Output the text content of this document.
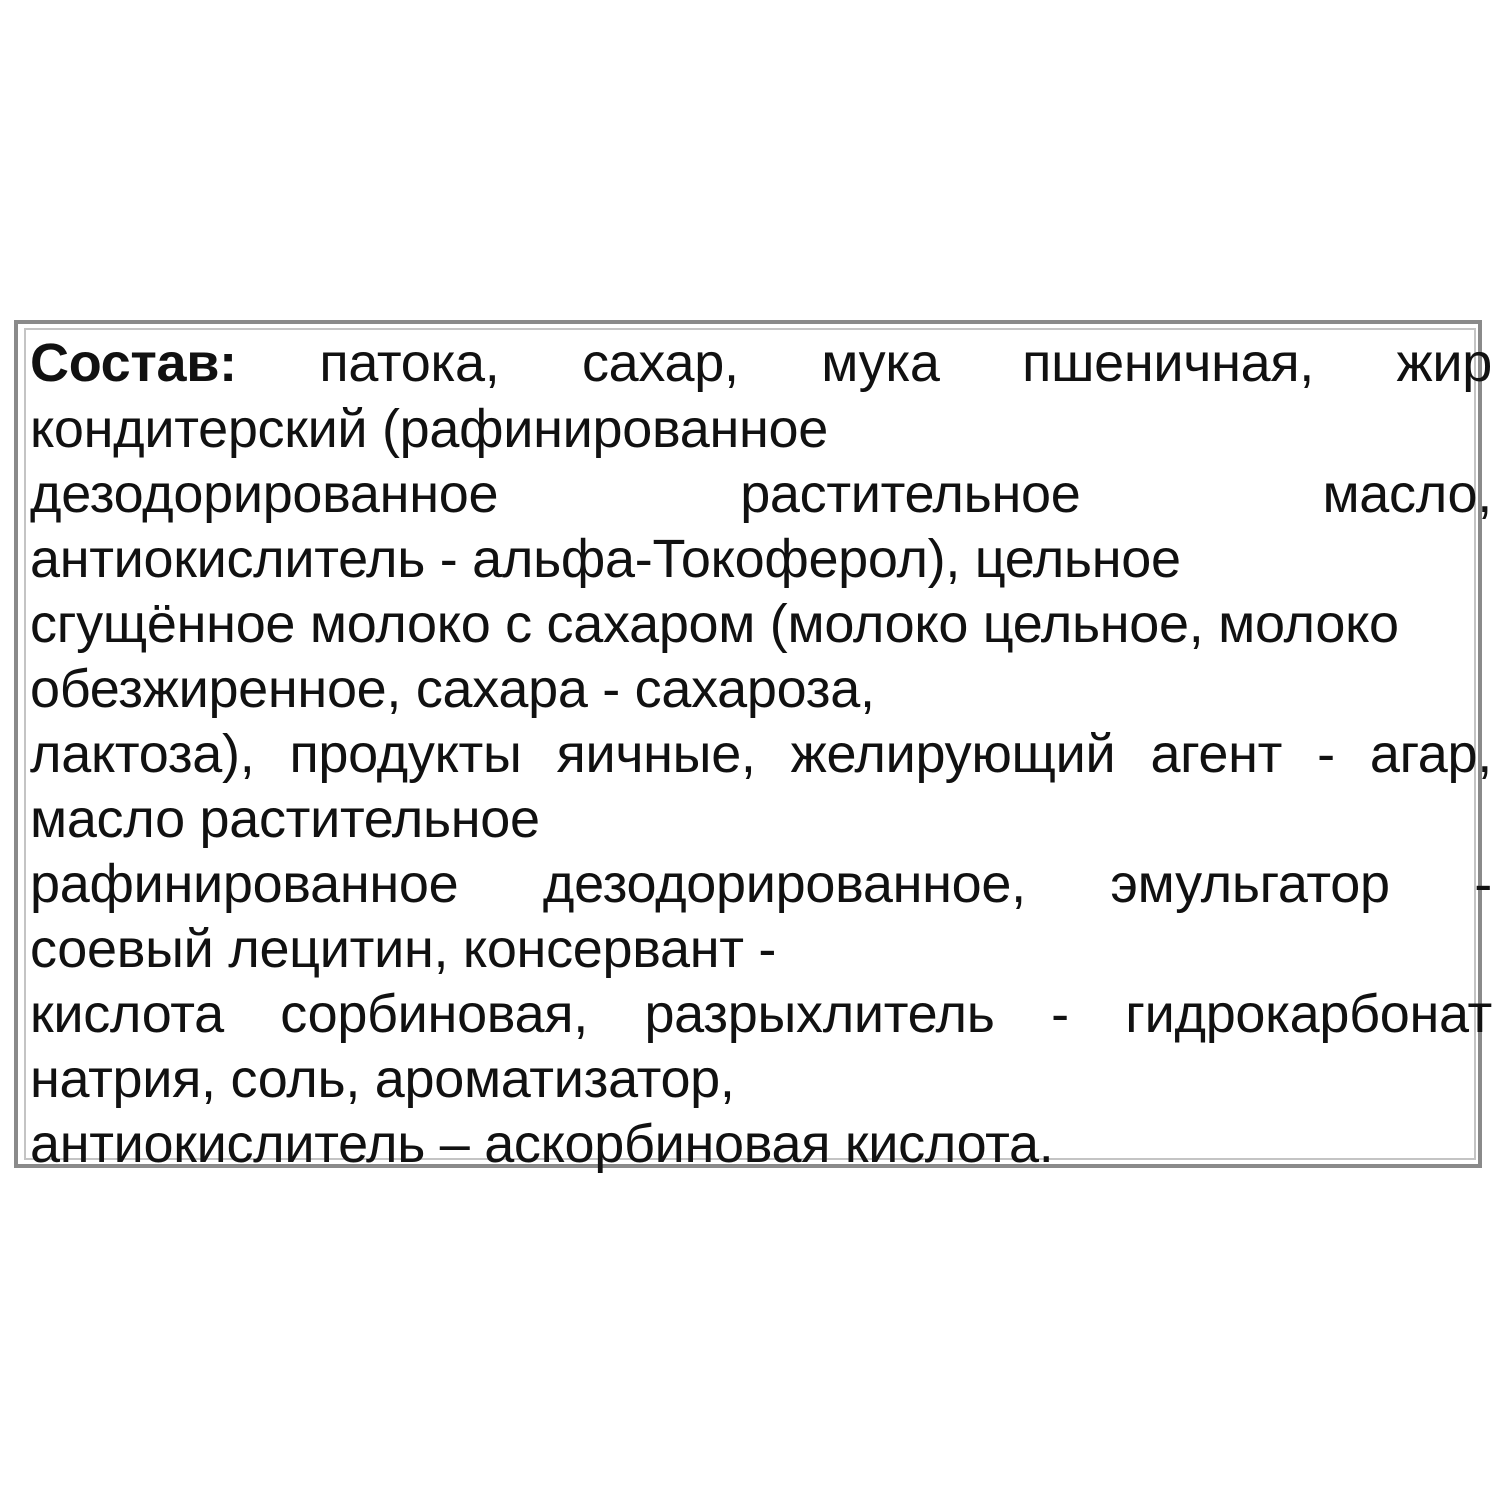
Состав: патока, сахар, мука пшеничная, жир
кондитерский (рафинированное
дезодорированное	растительное	масло,
антиокислитель - альфа-Токоферол), цельное
сгущённое молоко с сахаром (молоко цельное, молоко
обезжиренное, сахара - сахароза,
лактоза), продукты яичные, желирующий агент - агар,
масло растительное
рафинированное дезодорированное, эмульгатор -
соевый лецитин, консервант -
кислота сорбиновая, разрыхлитель - гидрокарбонат
натрия, соль, ароматизатор,
антиокислитель – аскорбиновая кислота.
